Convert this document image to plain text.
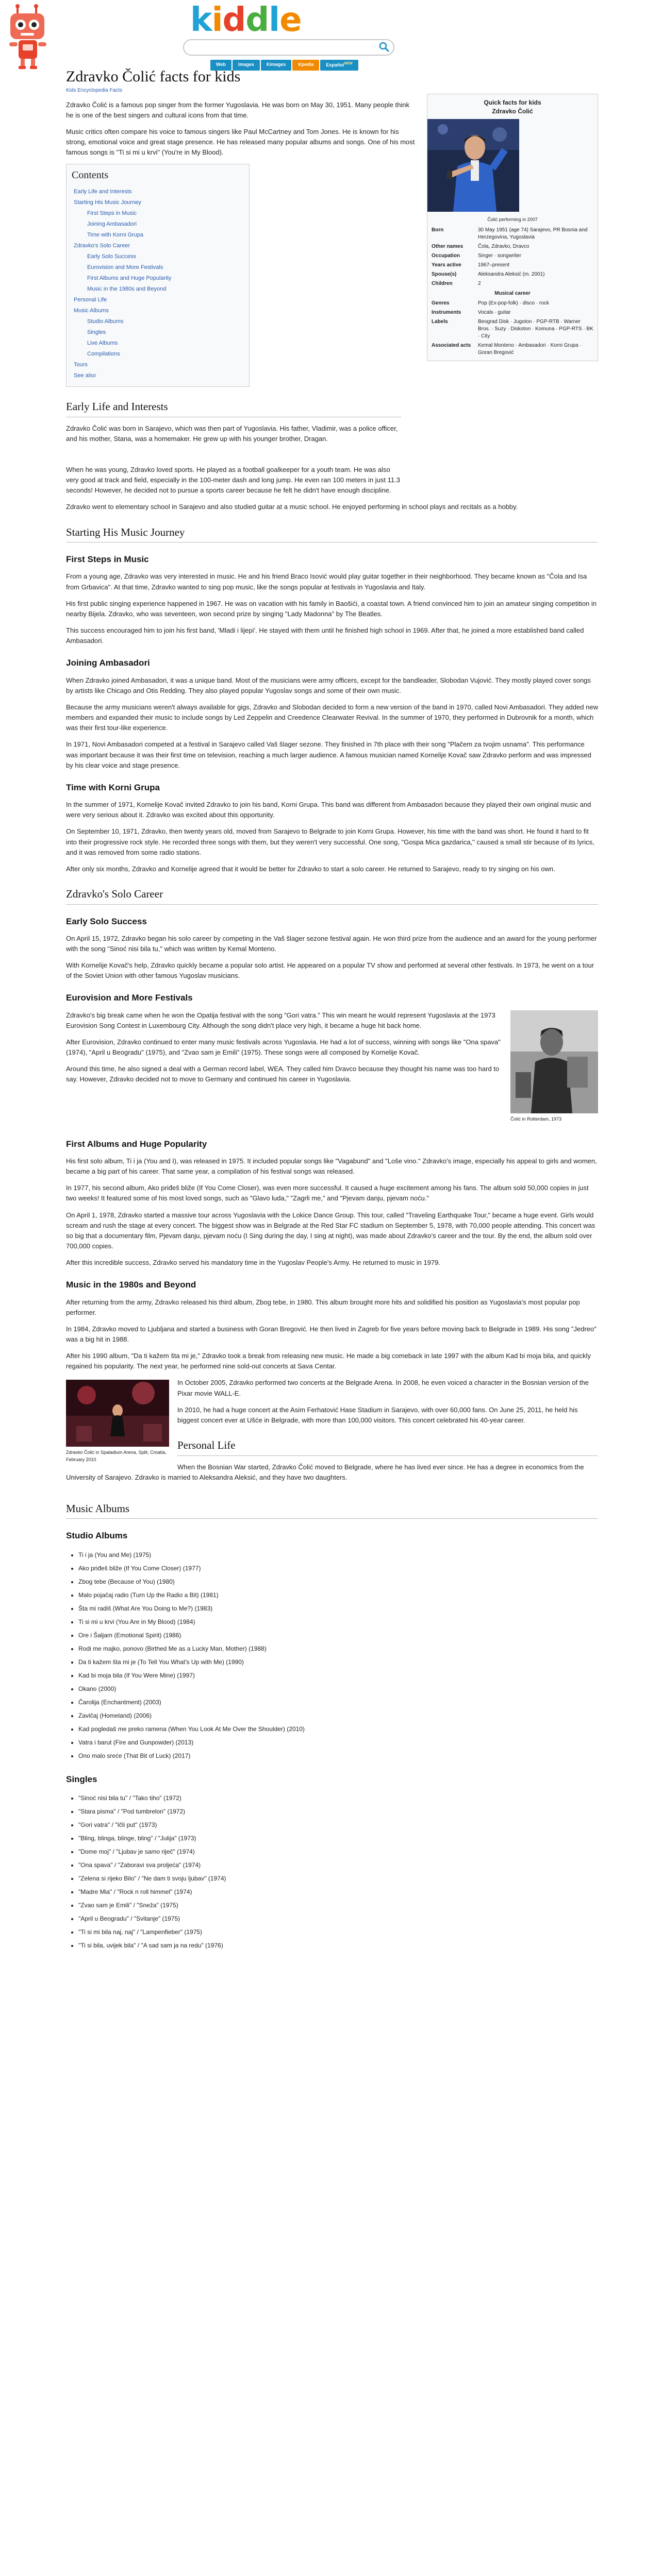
kiddle
Web	Images	Kimages	Kpedia	Español$^{NEW}$
Zdravko Čolić facts for kids
Kids Encyclopedia Facts
Quick facts for kids
Zdravko Čolić
Čolić performing in 2007
Born	30 May 1951 (age 74) Sarajevo, PR Bosnia and Herzegovina, Yugoslavia
Other names	Čola, Zdravko, Dravco
Occupation	Singer · songwriter
Years active	1967–present
Spouse(s)	Aleksandra Aleksić (m. 2001)
Children	2
Musical career
Genres	Pop (Ex-pop-folk) · disco · rock
Instruments	Vocals · guitar
Labels	Beograd Disk · Jugoton · PGP-RTB · Warner Bros. · Suzy · Diskoton · Komuna · PGP-RTS · BK · City
Associated acts	Kemal Monteno · Ambasadori · Korni Grupa · Goran Bregović

Zdravko Čolić is a famous pop singer from the former Yugoslavia. He was born on May 30, 1951. Many people think he is one of the best singers and cultural icons from that time.

Music critics often compare his voice to famous singers like Paul McCartney and Tom Jones. He is known for his strong, emotional voice and great stage presence. He has released many popular albums and songs. One of his most famous songs is "Ti si mi u krvi" (You're in My Blood).

Contents
Early Life and Interests
Starting His Music Journey
First Steps in Music
Joining Ambasadori
Time with Korni Grupa
Zdravko's Solo Career
Early Solo Success
Eurovision and More Festivals
First Albums and Huge Popularity
Music in the 1980s and Beyond
Personal Life
Music Albums
Studio Albums
Singles
Live Albums
Compilations
Tours
See also
Early Life and Interests

Zdravko Čolić was born in Sarajevo, which was then part of Yugoslavia. His father, Vladimir, was a police officer, and his mother, Stana, was a homemaker. He grew up with his younger brother, Dragan.

When he was young, Zdravko loved sports. He played as a football goalkeeper for a youth team. He was also very good at track and field, especially in the 100-meter dash and long jump. He even ran 100 meters in just 11.3 seconds! However, he decided not to pursue a sports career because he felt he didn't have enough discipline.

Zdravko went to elementary school in Sarajevo and also studied guitar at a music school. He enjoyed performing in school plays and recitals as a hobby.

Starting His Music Journey
First Steps in Music

From a young age, Zdravko was very interested in music. He and his friend Braco Isović would play guitar together in their neighborhood. They became known as "Čola and Isa from Grbavica". At that time, Zdravko wanted to sing pop music, like the songs popular at festivals in Yugoslavia and Italy.

His first public singing experience happened in 1967. He was on vacation with his family in Baošići, a coastal town. A friend convinced him to join an amateur singing competition in nearby Bijela. Zdravko, who was seventeen, won second prize by singing "Lady Madonna" by The Beatles.

This success encouraged him to join his first band, 'Mladi i lijepi'. He stayed with them until he finished high school in 1969. After that, he joined a more established band called Ambasadori.

Joining Ambasadori

When Zdravko joined Ambasadori, it was a unique band. Most of the musicians were army officers, except for the bandleader, Slobodan Vujović. They mostly played cover songs by artists like Chicago and Otis Redding. They also played popular Yugoslav songs and some of their own music.

Because the army musicians weren't always available for gigs, Zdravko and Slobodan decided to form a new version of the band in 1970, called Novi Ambasadori. They added new members and expanded their music to include songs by Led Zeppelin and Creedence Clearwater Revival. In the summer of 1970, they performed in Dubrovnik for a month, which was their first tour-like experience.

In 1971, Novi Ambasadori competed at a festival in Sarajevo called Vaš šlager sezone. They finished in 7th place with their song "Plačem za tvojim usnama". This performance was important because it was their first time on television, reaching a much larger audience. A famous musician named Kornelije Kovač saw Zdravko perform and was impressed by his clear voice and stage presence.

Time with Korni Grupa

In the summer of 1971, Kornelije Kovač invited Zdravko to join his band, Korni Grupa. This band was different from Ambasadori because they played their own original music and were very serious about it. Zdravko was excited about this opportunity.

On September 10, 1971, Zdravko, then twenty years old, moved from Sarajevo to Belgrade to join Korni Grupa. However, his time with the band was short. He found it hard to fit into their progressive rock style. He recorded three songs with them, but they weren't very successful. One song, "Gospa Mica gazdarica," caused a small stir because of its lyrics, and it was removed from some radio stations.

After only six months, Zdravko and Kornelije agreed that it would be better for Zdravko to start a solo career. He returned to Sarajevo, ready to try singing on his own.

Zdravko's Solo Career
Early Solo Success

On April 15, 1972, Zdravko began his solo career by competing in the Vaš šlager sezone festival again. He won third prize from the audience and an award for the young performer with the song "Sinoć nisi bila tu," which was written by Kemal Monteno.

With Kornelije Kovač's help, Zdravko quickly became a popular solo artist. He appeared on a popular TV show and performed at several other festivals. In 1973, he went on a tour of the Soviet Union with other famous Yugoslav musicians.

Eurovision and More Festivals
Čolić in Rotterdam, 1973

Zdravko's big break came when he won the Opatija festival with the song "Gori vatra." This win meant he would represent Yugoslavia at the 1973 Eurovision Song Contest in Luxembourg City. Although the song didn't place very high, it became a huge hit back home.

After Eurovision, Zdravko continued to enter many music festivals across Yugoslavia. He had a lot of success, winning with songs like "Ona spava" (1974), "April u Beogradu" (1975), and "Zvao sam je Emili" (1975). These songs were all composed by Kornelije Kovač.

Around this time, he also signed a deal with a German record label, WEA. They called him Dravco because they thought his name was too hard to say. However, Zdravko decided not to move to Germany and continued his career in Yugoslavia.

First Albums and Huge Popularity

His first solo album, Ti i ja (You and I), was released in 1975. It included popular songs like "Vagabund" and "Loše vino." Zdravko's image, especially his appeal to girls and women, became a big part of his career. That same year, a compilation of his festival songs was released.

In 1977, his second album, Ako priđeš bliže (If You Come Closer), was even more successful. It caused a huge excitement among his fans. The album sold 50,000 copies in just two weeks! It featured some of his most loved songs, such as "Glavo luda," "Zagrli me," and "Pjevam danju, pjevam noću."

On April 1, 1978, Zdravko started a massive tour across Yugoslavia with the Lokice Dance Group. This tour, called "Traveling Earthquake Tour," became a huge event. Girls would scream and rush the stage at every concert. The biggest show was in Belgrade at the Red Star FC stadium on September 5, 1978, with 70,000 people attending. This concert was so big that a documentary film, Pjevam danju, pjevam noću (I Sing during the day, I sing at night), was made about Zdravko's career and the tour. By the end, the album sold over 700,000 copies.

After this incredible success, Zdravko served his mandatory time in the Yugoslav People's Army. He returned to music in 1979.

Music in the 1980s and Beyond

After returning from the army, Zdravko released his third album, Zbog tebe, in 1980. This album brought more hits and solidified his position as Yugoslavia's most popular pop performer.

In 1984, Zdravko moved to Ljubljana and started a business with Goran Bregović. He then lived in Zagreb for five years before moving back to Belgrade in 1989. His song "Jedreo" was a big hit in 1988.

After his 1990 album, "Da ti kažem šta mi je," Zdravko took a break from releasing new music. He made a big comeback in late 1997 with the album Kad bi moja bila, and quickly regained his popularity. The next year, he performed nine sold-out concerts at Sava Centar.

Zdravko Čolić in Spaladium Arena, Split, Croatia, February 2010

In October 2005, Zdravko performed two concerts at the Belgrade Arena. In 2008, he even voiced a character in the Bosnian version of the Pixar movie WALL-E.

In 2010, he had a huge concert at the Asim Ferhatović Hase Stadium in Sarajevo, with over 60,000 fans. On June 25, 2011, he held his biggest concert ever at Ušće in Belgrade, with more than 100,000 visitors. This concert celebrated his 40-year career.

Personal Life

When the Bosnian War started, Zdravko Čolić moved to Belgrade, where he has lived ever since. He has a degree in economics from the University of Sarajevo. Zdravko is married to Aleksandra Aleksić, and they have two daughters.

Music Albums
Studio Albums
• Ti i ja (You and Me) (1975)
• Ako priđeš bliže (If You Come Closer) (1977)
• Zbog tebe (Because of You) (1980)
• Malo pojačaj radio (Turn Up the Radio a Bit) (1981)
• Šta mi radiš (What Are You Doing to Me?) (1983)
• Ti si mi u krvi (You Are in My Blood) (1984)
• Ore i Šaljam (Emotional Spirit) (1986)
• Rodi me majko, ponovo (Birthed Me as a Lucky Man, Mother) (1988)
• Da ti kažem šta mi je (To Tell You What's Up with Me) (1990)
• Kad bi moja bila (If You Were Mine) (1997)
• Okano (2000)
• Čarolija (Enchantment) (2003)
• Zavičaj (Homeland) (2006)
• Kad pogledaš me preko ramena (When You Look At Me Over the Shoulder) (2010)
• Vatra i barut (Fire and Gunpowder) (2013)
• Ono malo sreće (That Bit of Luck) (2017)
Singles
• "Sinoć nisi bila tu" / "Tako tiho" (1972)
• "Stara pisma" / "Pod tumbrelon" (1972)
• "Gori vatra" / "Ičli put" (1973)
• "Bling, blinga, blinge, bling" / "Julija" (1973)
• "Dome moj" / "Ljubav je samo riječ" (1974)
• "Ona spava" / "Zaboravi sva proljeća" (1974)
• "Zelena si rijeko Bilo" / "Ne dam ti svoju ljubav" (1974)
• "Madre Mia" / "Rock n roll himmel" (1974)
• "Zvao sam je Emili" / "Sneža" (1975)
• "April u Beogradu" / "Svitanje" (1975)
• "Ti si mi bila naj, naj" / "Lampenfieber" (1975)
• "Ti si bila, uvijek bila" / "A sad sam ja na redu" (1976)
